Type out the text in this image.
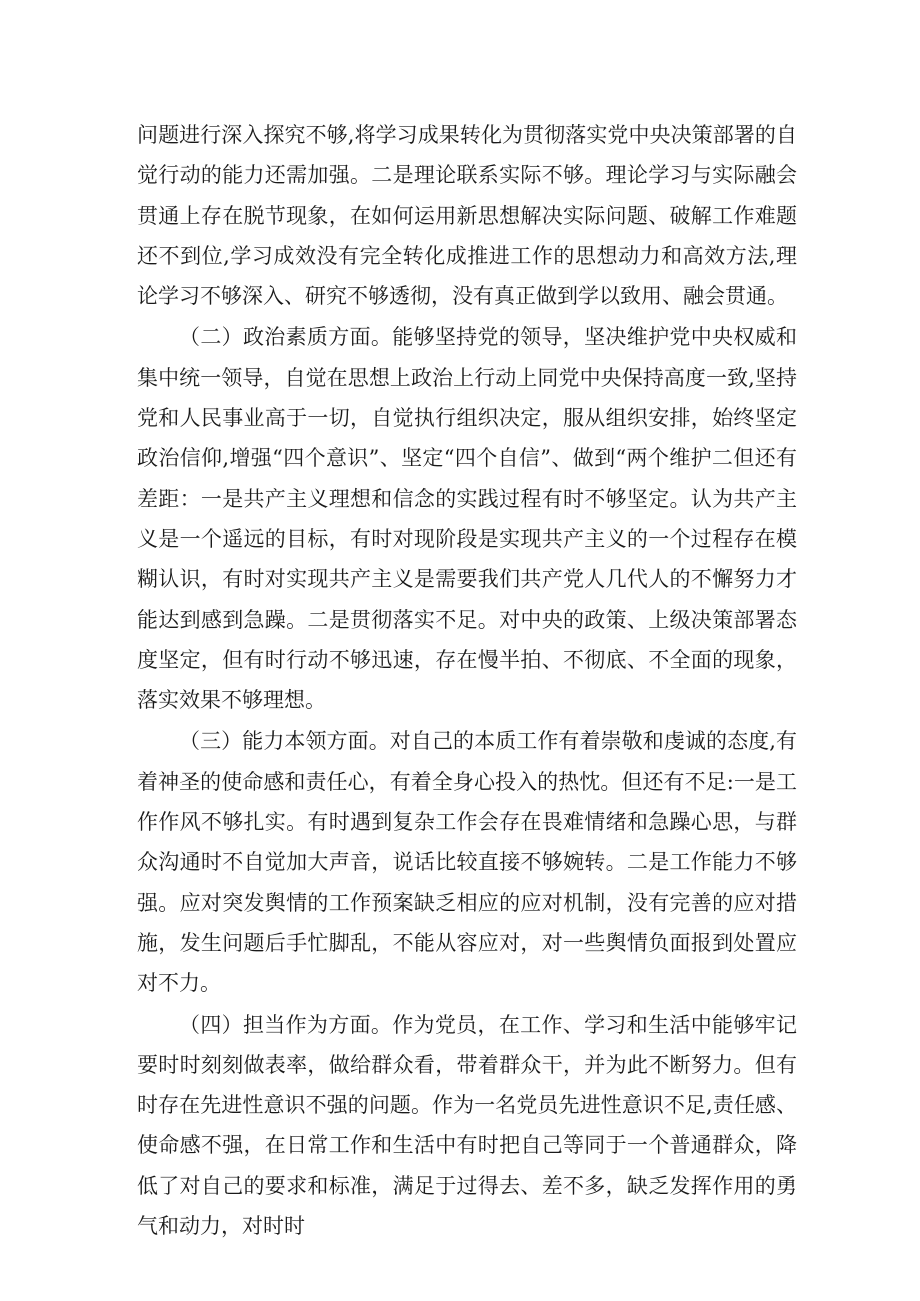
问题进行深入探究不够,将学习成果转化为贯彻落实党中央决策部署的自觉行动的能力还需加强。二是理论联系实际不够。理论学习与实际融会贯通上存在脱节现象，在如何运用新思想解决实际问题、破解工作难题还不到位,学习成效没有完全转化成推进工作的思想动力和高效方法,理论学习不够深入、研究不够透彻，没有真正做到学以致用、融会贯通。

（二）政治素质方面。能够坚持党的领导，坚决维护党中央权威和集中统一领导，自觉在思想上政治上行动上同党中央保持高度一致,坚持党和人民事业高于一切，自觉执行组织决定，服从组织安排，始终坚定政治信仰,增强“四个意识”、坚定“四个自信”、做到“两个维护二但还有差距：一是共产主义理想和信念的实践过程有时不够坚定。认为共产主义是一个遥远的目标，有时对现阶段是实现共产主义的一个过程存在模糊认识，有时对实现共产主义是需要我们共产党人几代人的不懈努力才能达到感到急躁。二是贯彻落实不足。对中央的政策、上级决策部署态度坚定，但有时行动不够迅速，存在慢半拍、不彻底、不全面的现象，落实效果不够理想。

（三）能力本领方面。对自己的本质工作有着崇敬和虔诚的态度,有着神圣的使命感和责任心，有着全身心投入的热忱。但还有不足:一是工作作风不够扎实。有时遇到复杂工作会存在畏难情绪和急躁心思，与群众沟通时不自觉加大声音，说话比较直接不够婉转。二是工作能力不够强。应对突发舆情的工作预案缺乏相应的应对机制，没有完善的应对措施，发生问题后手忙脚乱，不能从容应对，对一些舆情负面报到处置应对不力。

（四）担当作为方面。作为党员，在工作、学习和生活中能够牢记要时时刻刻做表率，做给群众看，带着群众干，并为此不断努力。但有时存在先进性意识不强的问题。作为一名党员先进性意识不足,责任感、使命感不强，在日常工作和生活中有时把自己等同于一个普通群众，降低了对自己的要求和标准，满足于过得去、差不多，缺乏发挥作用的勇气和动力，对时时
